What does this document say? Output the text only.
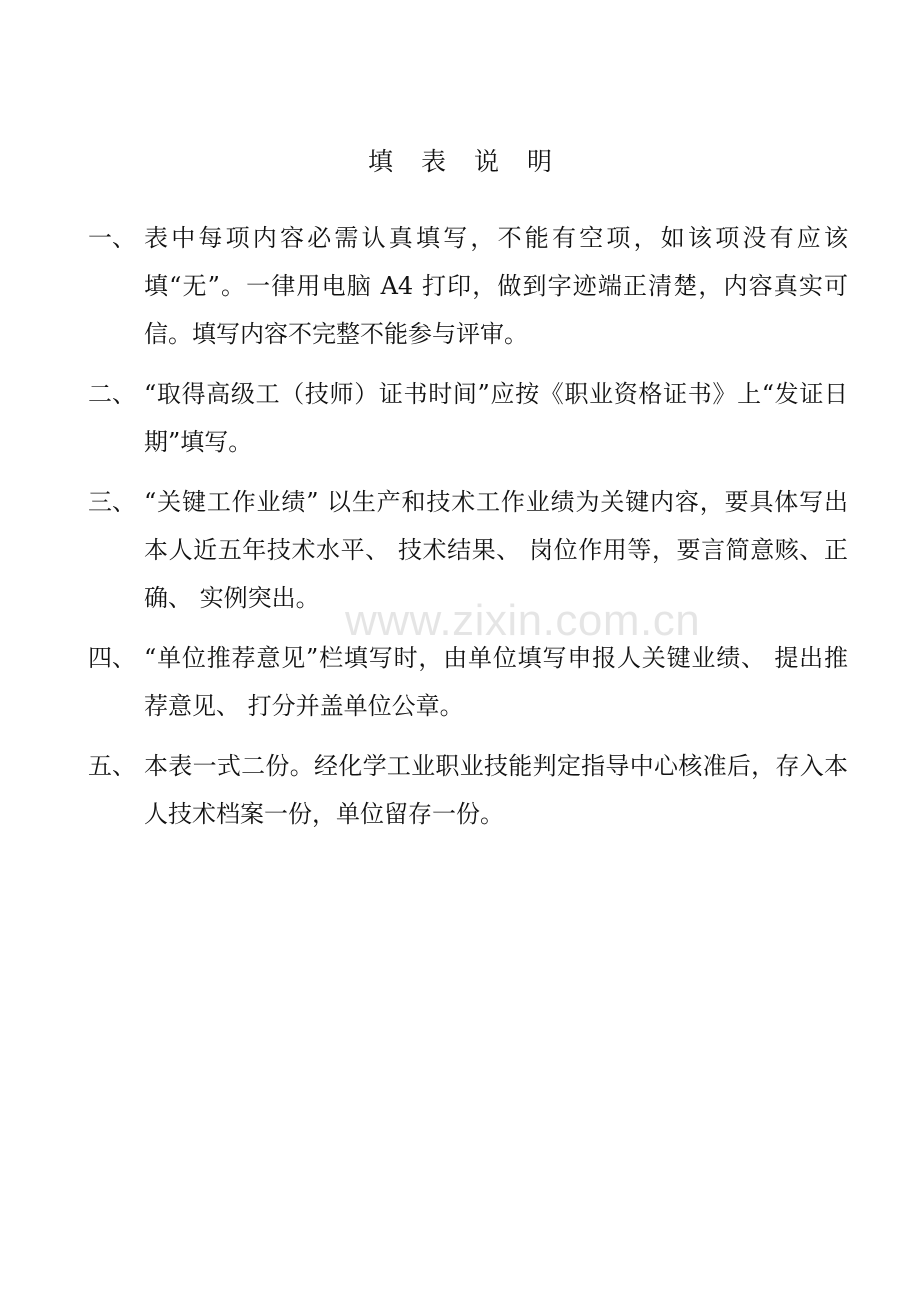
填表说明
一、 表中每项内容必需认真填写，不能有空项，如该项没有应该填“无”。一律用电脑 A4 打印，做到字迹端正清楚，内容真实可信。填写内容不完整不能参与评审。
二、 “取得高级工（技师）证书时间”应按《职业资格证书》上“发证日期”填写。
三、 “关键工作业绩” 以生产和技术工作业绩为关键内容，要具体写出本人近五年技术水平、 技术结果、 岗位作用等，要言简意赅、正确、 实例突出。
四、 “单位推荐意见”栏填写时，由单位填写申报人关键业绩、 提出推荐意见、 打分并盖单位公章。
五、 本表一式二份。经化学工业职业技能判定指导中心核准后，存入本人技术档案一份，单位留存一份。
www.zixin.com.cn
